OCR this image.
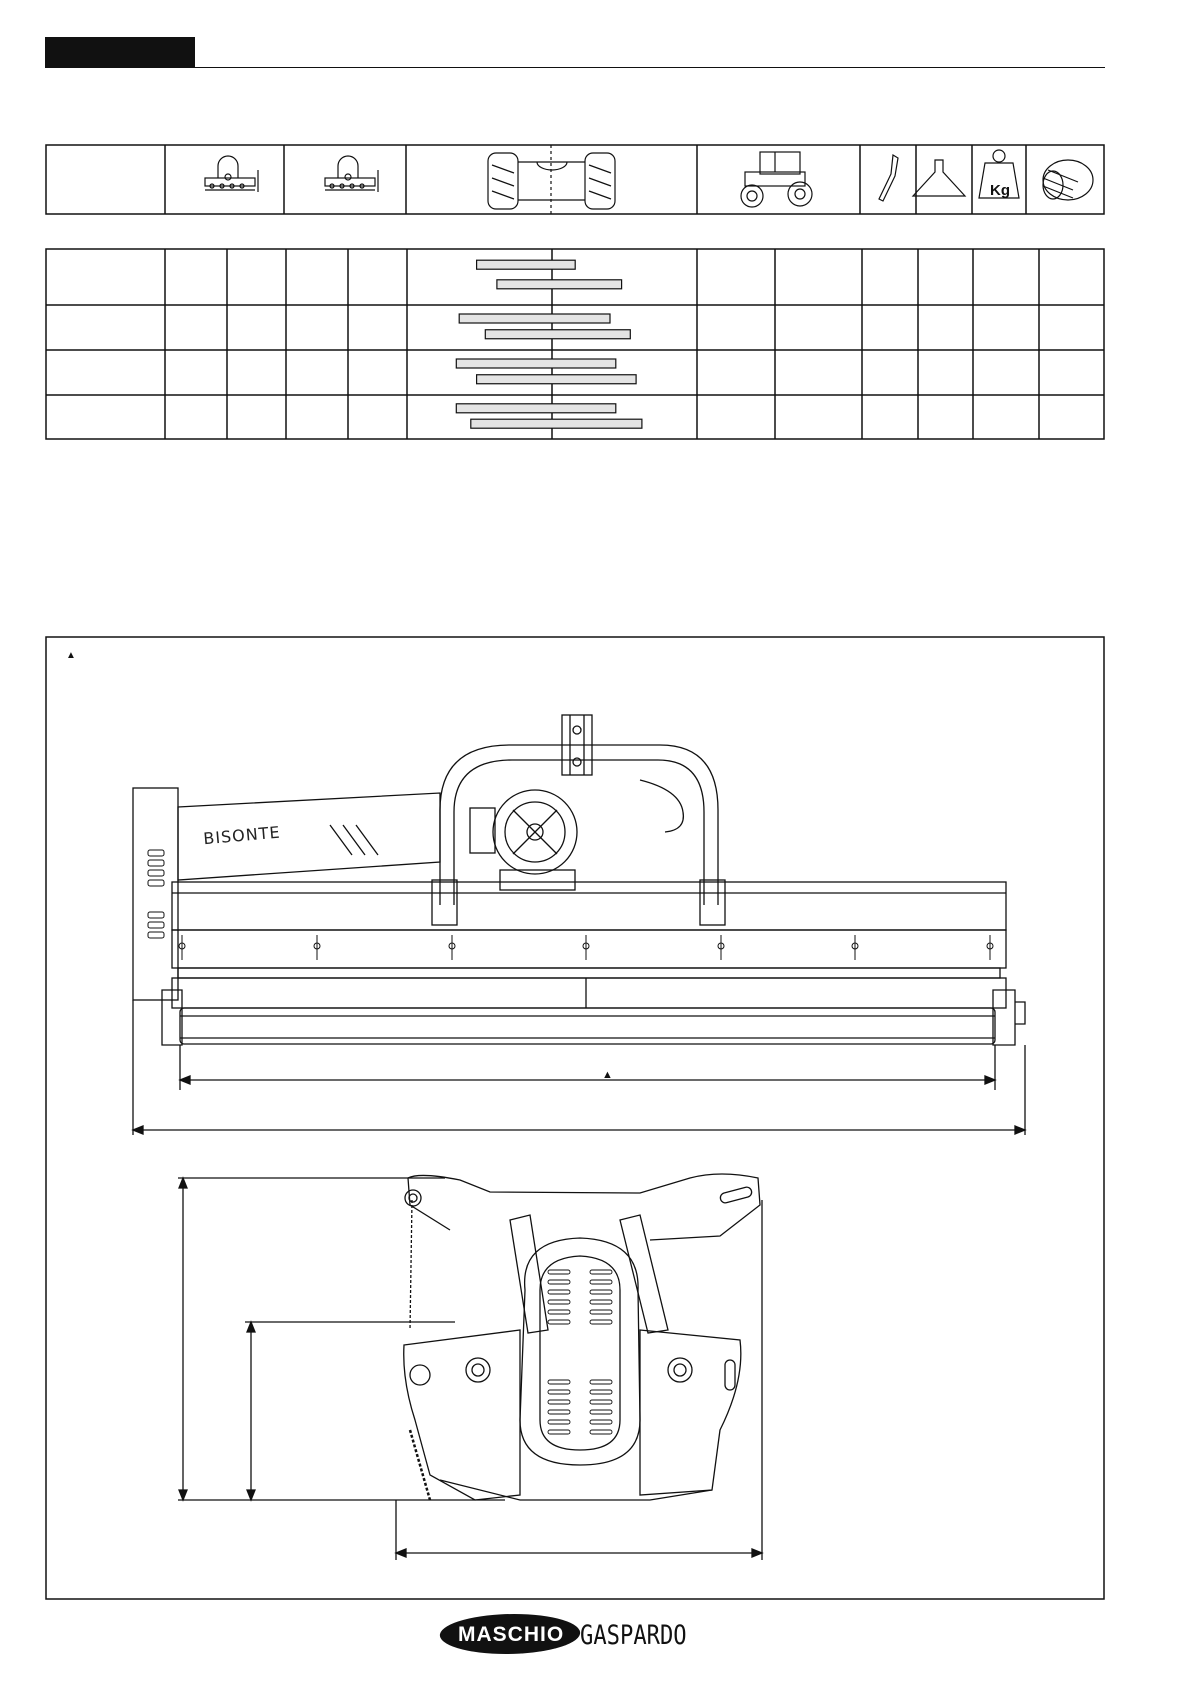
Kg
BISONTE
▲
▲
MASCHIO GASPARDO
